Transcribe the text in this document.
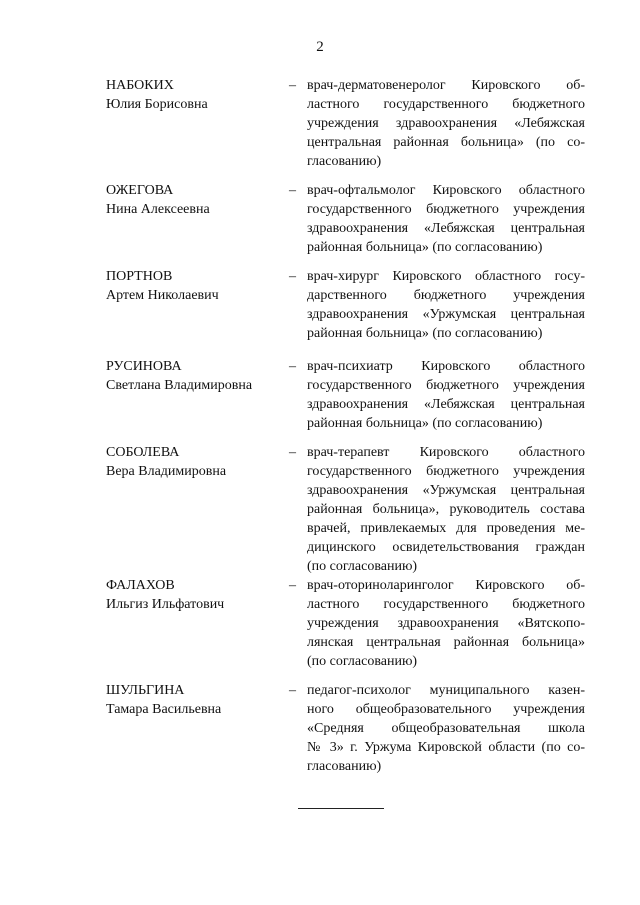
2
НАБОКИХ
Юлия Борисовна
– врач-дерматовенеролог Кировского об-
ластного государственного бюджетного
учреждения здравоохранения «Лебяжская
центральная районная больница» (по со-
гласованию)
ОЖЕГОВА
Нина Алексеевна
– врач-офтальмолог Кировского областного
государственного бюджетного учреждения
здравоохранения «Лебяжская центральная
районная больница» (по согласованию)
ПОРТНОВ
Артем Николаевич
– врач-хирург Кировского областного госу-
дарственного бюджетного учреждения
здравоохранения «Уржумская центральная
районная больница» (по согласованию)
РУСИНОВА
Светлана Владимировна
– врач-психиатр Кировского областного
государственного бюджетного учреждения
здравоохранения «Лебяжская центральная
районная больница» (по согласованию)
СОБОЛЕВА
Вера Владимировна
– врач-терапевт Кировского областного
государственного бюджетного учреждения
здравоохранения «Уржумская центральная
районная больница», руководитель состава
врачей, привлекаемых для проведения ме-
дицинского освидетельствования граждан
(по согласованию)
ФАЛАХОВ
Ильгиз Ильфатович
– врач-оториноларинголог Кировского об-
ластного государственного бюджетного
учреждения здравоохранения «Вятскопо-
лянская центральная районная больница»
(по согласованию)
ШУЛЬГИНА
Тамара Васильевна
– педагог-психолог муниципального казен-
ного общеобразовательного учреждения
«Средняя общеобразовательная школа
№ 3» г. Уржума Кировской области (по со-
гласованию)
